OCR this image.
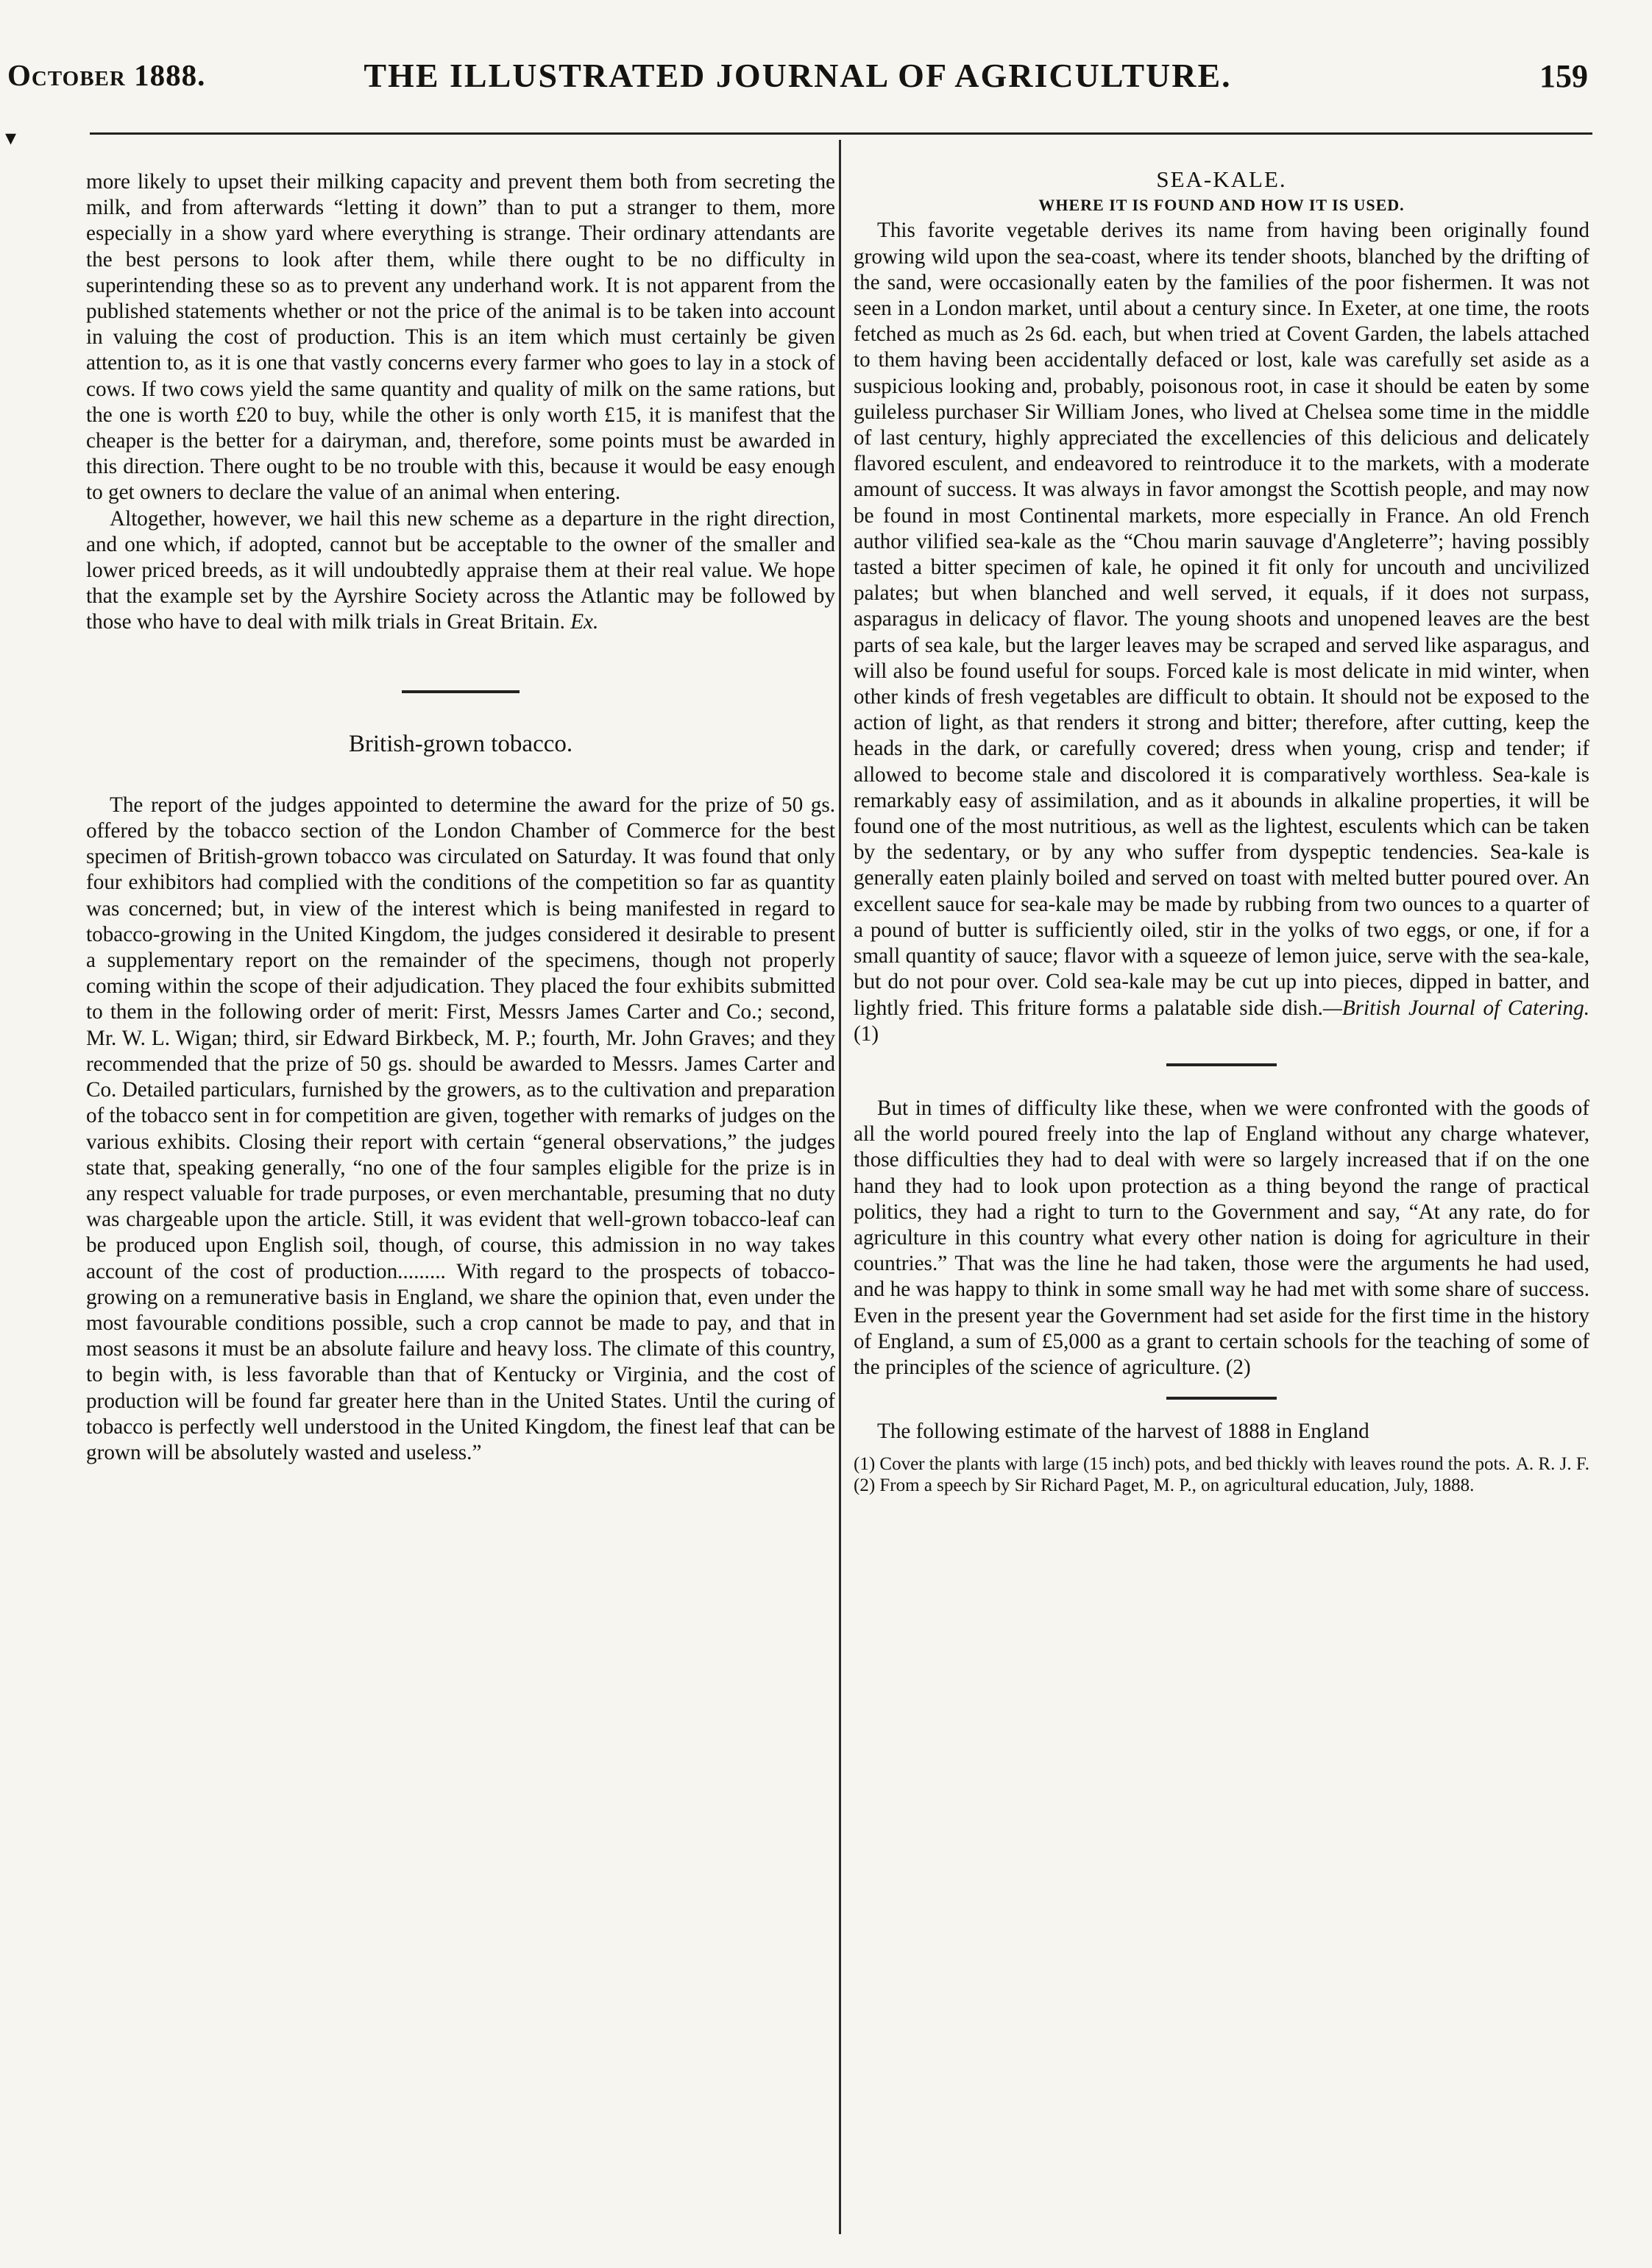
October 1888.	THE ILLUSTRATED JOURNAL OF AGRICULTURE.	159
▾

more likely to upset their milking capacity and prevent them both from secreting the milk, and from afterwards “letting it down” than to put a stranger to them, more especially in a show yard where everything is strange. Their ordinary attendants are the best persons to look after them, while there ought to be no difficulty in superintending these so as to prevent any underhand work. It is not apparent from the published statements whether or not the price of the animal is to be taken into account in valuing the cost of production. This is an item which must certainly be given attention to, as it is one that vastly concerns every farmer who goes to lay in a stock of cows. If two cows yield the same quantity and quality of milk on the same rations, but the one is worth £20 to buy, while the other is only worth £15, it is manifest that the cheaper is the better for a dairyman, and, therefore, some points must be awarded in this direction. There ought to be no trouble with this, because it would be easy enough to get owners to declare the value of an animal when entering.

Altogether, however, we hail this new scheme as a departure in the right direction, and one which, if adopted, cannot but be acceptable to the owner of the smaller and lower priced breeds, as it will undoubtedly appraise them at their real value. We hope that the example set by the Ayrshire Society across the Atlantic may be followed by those who have to deal with milk trials in Great Britain. Ex.

British-grown tobacco.

The report of the judges appointed to determine the award for the prize of 50 gs. offered by the tobacco section of the London Chamber of Commerce for the best specimen of British-grown tobacco was circulated on Saturday. It was found that only four exhibitors had complied with the conditions of the competition so far as quantity was concerned; but, in view of the interest which is being manifested in regard to tobacco-growing in the United Kingdom, the judges considered it desirable to present a supplementary report on the remainder of the specimens, though not properly coming within the scope of their adjudication. They placed the four exhibits submitted to them in the following order of merit: First, Messrs James Carter and Co.; second, Mr. W. L. Wigan; third, sir Edward Birkbeck, M. P.; fourth, Mr. John Graves; and they recommended that the prize of 50 gs. should be awarded to Messrs. James Carter and Co. Detailed particulars, furnished by the growers, as to the cultivation and preparation of the tobacco sent in for competition are given, together with remarks of judges on the various exhibits. Closing their report with certain “general observations,” the judges state that, speaking generally, “no one of the four samples eligible for the prize is in any respect valuable for trade purposes, or even merchantable, presuming that no duty was chargeable upon the article. Still, it was evident that well-grown tobacco-leaf can be produced upon English soil, though, of course, this admission in no way takes account of the cost of production......... With regard to the prospects of tobacco-growing on a remunerative basis in England, we share the opinion that, even under the most favourable conditions possible, such a crop cannot be made to pay, and that in most seasons it must be an absolute failure and heavy loss. The climate of this country, to begin with, is less favorable than that of Kentucky or Virginia, and the cost of production will be found far greater here than in the United States. Until the curing of tobacco is perfectly well understood in the United Kingdom, the finest leaf that can be grown will be absolutely wasted and useless.”

SEA-KALE.

WHERE IT IS FOUND AND HOW IT IS USED.

This favorite vegetable derives its name from having been originally found growing wild upon the sea-coast, where its tender shoots, blanched by the drifting of the sand, were occasionally eaten by the families of the poor fishermen. It was not seen in a London market, until about a century since. In Exeter, at one time, the roots fetched as much as 2s 6d. each, but when tried at Covent Garden, the labels attached to them having been accidentally defaced or lost, kale was carefully set aside as a suspicious looking and, probably, poisonous root, in case it should be eaten by some guileless purchaser Sir William Jones, who lived at Chelsea some time in the middle of last century, highly appreciated the excellencies of this delicious and delicately flavored esculent, and endeavored to reintroduce it to the markets, with a moderate amount of success. It was always in favor amongst the Scottish people, and may now be found in most Continental markets, more especially in France. An old French author vilified sea-kale as the “Chou marin sauvage d'Angleterre”; having possibly tasted a bitter specimen of kale, he opined it fit only for uncouth and uncivilized palates; but when blanched and well served, it equals, if it does not surpass, asparagus in delicacy of flavor. The young shoots and unopened leaves are the best parts of sea kale, but the larger leaves may be scraped and served like asparagus, and will also be found useful for soups. Forced kale is most delicate in mid winter, when other kinds of fresh vegetables are difficult to obtain. It should not be exposed to the action of light, as that renders it strong and bitter; therefore, after cutting, keep the heads in the dark, or carefully covered; dress when young, crisp and tender; if allowed to become stale and discolored it is comparatively worthless. Sea-kale is remarkably easy of assimilation, and as it abounds in alkaline properties, it will be found one of the most nutritious, as well as the lightest, esculents which can be taken by the sedentary, or by any who suffer from dyspeptic tendencies. Sea-kale is generally eaten plainly boiled and served on toast with melted butter poured over. An excellent sauce for sea-kale may be made by rubbing from two ounces to a quarter of a pound of butter is sufficiently oiled, stir in the yolks of two eggs, or one, if for a small quantity of sauce; flavor with a squeeze of lemon juice, serve with the sea-kale, but do not pour over. Cold sea-kale may be cut up into pieces, dipped in batter, and lightly fried. This friture forms a palatable side dish.—British Journal of Catering. (1)

But in times of difficulty like these, when we were confronted with the goods of all the world poured freely into the lap of England without any charge whatever, those difficulties they had to deal with were so largely increased that if on the one hand they had to look upon protection as a thing beyond the range of practical politics, they had a right to turn to the Government and say, “At any rate, do for agriculture in this country what every other nation is doing for agriculture in their countries.” That was the line he had taken, those were the arguments he had used, and he was happy to think in some small way he had met with some share of success. Even in the present year the Government had set aside for the first time in the history of England, a sum of £5,000 as a grant to certain schools for the teaching of some of the principles of the science of agriculture. (2)

The following estimate of the harvest of 1888 in England

(1) Cover the plants with large (15 inch) pots, and bed thickly with leaves round the pots. A. R. J. F.

(2) From a speech by Sir Richard Paget, M. P., on agricultural education, July, 1888.
